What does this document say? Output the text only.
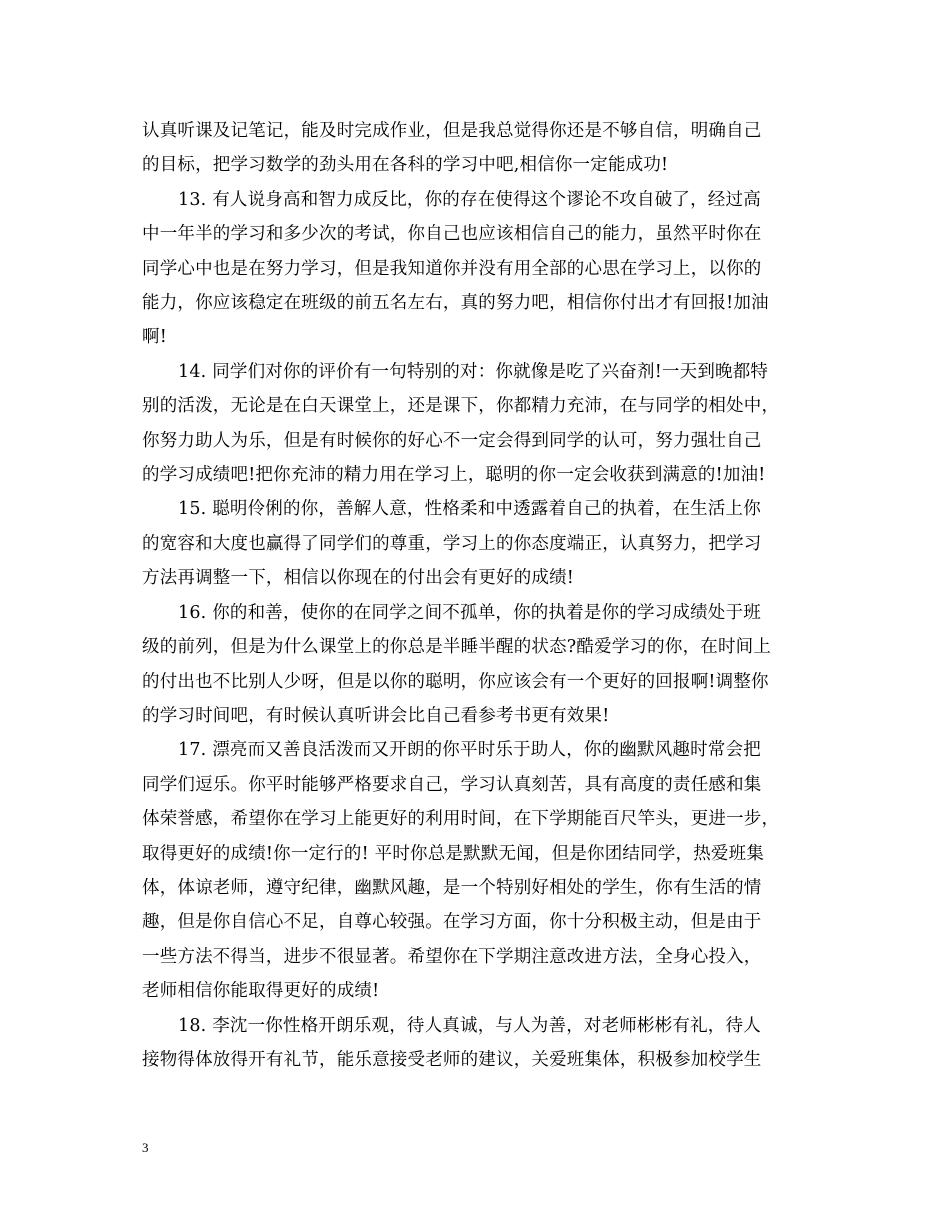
认真听课及记笔记，能及时完成作业，但是我总觉得你还是不够自信，明确自己
的目标，把学习数学的劲头用在各科的学习中吧,相信你一定能成功!

13. 有人说身高和智力成反比，你的存在使得这个谬论不攻自破了，经过高
中一年半的学习和多少次的考试，你自己也应该相信自己的能力，虽然平时你在
同学心中也是在努力学习，但是我知道你并没有用全部的心思在学习上，以你的
能力，你应该稳定在班级的前五名左右，真的努力吧，相信你付出才有回报!加油
啊!

14. 同学们对你的评价有一句特别的对：你就像是吃了兴奋剂!一天到晚都特
别的活泼，无论是在白天课堂上，还是课下，你都精力充沛，在与同学的相处中，
你努力助人为乐，但是有时候你的好心不一定会得到同学的认可，努力强壮自己
的学习成绩吧!把你充沛的精力用在学习上，聪明的你一定会收获到满意的!加油!

15. 聪明伶俐的你，善解人意，性格柔和中透露着自己的执着，在生活上你
的宽容和大度也赢得了同学们的尊重，学习上的你态度端正，认真努力，把学习
方法再调整一下，相信以你现在的付出会有更好的成绩!

16. 你的和善，使你的在同学之间不孤单，你的执着是你的学习成绩处于班
级的前列，但是为什么课堂上的你总是半睡半醒的状态?酷爱学习的你，在时间上
的付出也不比别人少呀，但是以你的聪明，你应该会有一个更好的回报啊!调整你
的学习时间吧，有时候认真听讲会比自己看参考书更有效果!

17. 漂亮而又善良活泼而又开朗的你平时乐于助人，你的幽默风趣时常会把
同学们逗乐。你平时能够严格要求自己，学习认真刻苦，具有高度的责任感和集
体荣誉感，希望你在学习上能更好的利用时间，在下学期能百尺竿头，更进一步，
取得更好的成绩!你一定行的! 平时你总是默默无闻，但是你团结同学，热爱班集
体，体谅老师，遵守纪律，幽默风趣，是一个特别好相处的学生，你有生活的情
趣，但是你自信心不足，自尊心较强。在学习方面，你十分积极主动，但是由于
一些方法不得当，进步不很显著。希望你在下学期注意改进方法，全身心投入，
老师相信你能取得更好的成绩!

18. 李沈一你性格开朗乐观，待人真诚，与人为善，对老师彬彬有礼，待人
接物得体放得开有礼节，能乐意接受老师的建议，关爱班集体，积极参加校学生

3
